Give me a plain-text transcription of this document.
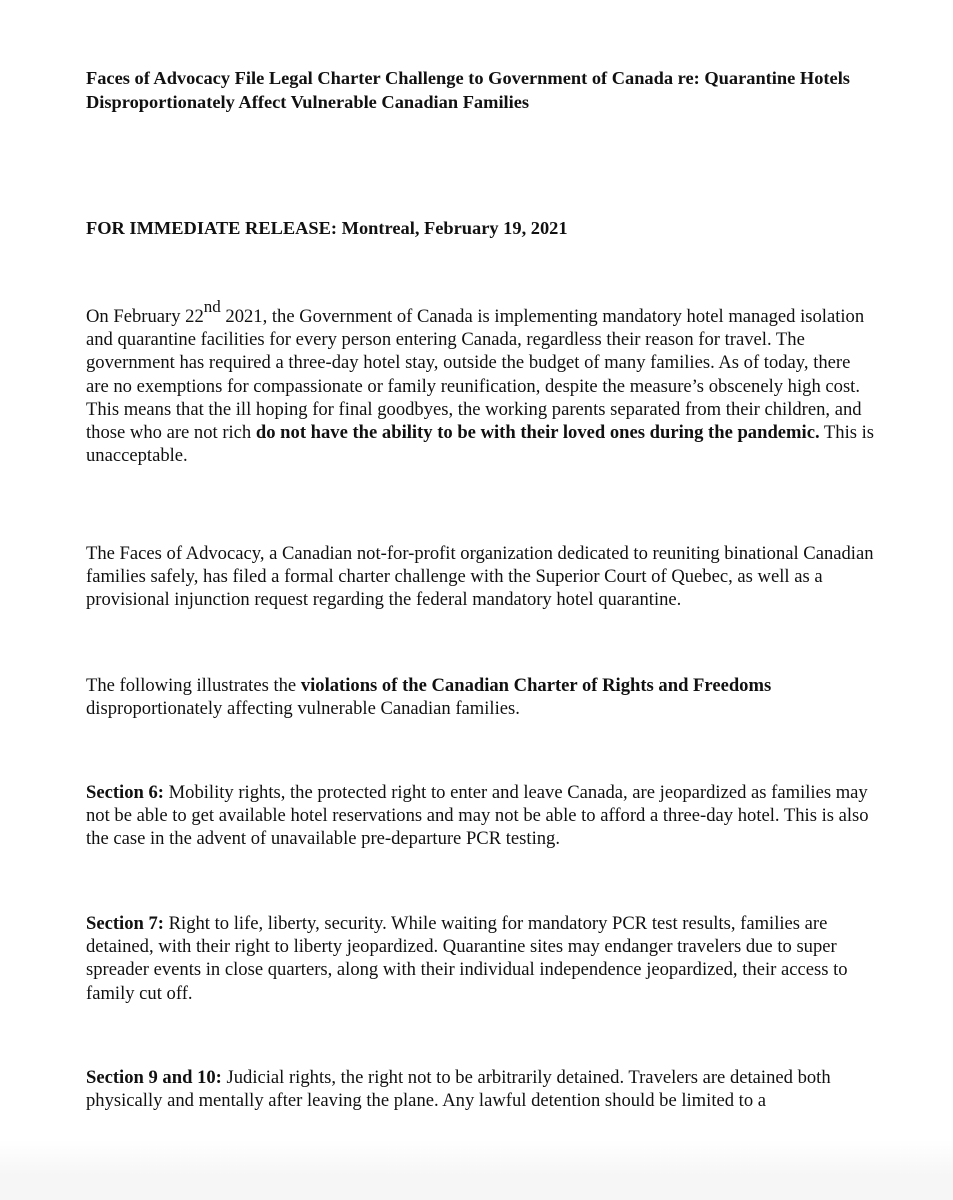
Faces of Advocacy File Legal Charter Challenge to Government of Canada re: Quarantine Hotels Disproportionately Affect Vulnerable Canadian Families

FOR IMMEDIATE RELEASE: Montreal, February 19, 2021

On February 22nd 2021, the Government of Canada is implementing mandatory hotel managed isolation and quarantine facilities for every person entering Canada, regardless their reason for travel. The government has required a three-day hotel stay, outside the budget of many families. As of today, there are no exemptions for compassionate or family reunification, despite the measure’s obscenely high cost. This means that the ill hoping for final goodbyes, the working parents separated from their children, and those who are not rich do not have the ability to be with their loved ones during the pandemic. This is unacceptable.

The Faces of Advocacy, a Canadian not-for-profit organization dedicated to reuniting binational Canadian families safely, has filed a formal charter challenge with the Superior Court of Quebec, as well as a provisional injunction request regarding the federal mandatory hotel quarantine.

The following illustrates the violations of the Canadian Charter of Rights and Freedoms disproportionately affecting vulnerable Canadian families.

Section 6: Mobility rights, the protected right to enter and leave Canada, are jeopardized as families may not be able to get available hotel reservations and may not be able to afford a three-day hotel. This is also the case in the advent of unavailable pre-departure PCR testing.

Section 7: Right to life, liberty, security. While waiting for mandatory PCR test results, families are detained, with their right to liberty jeopardized. Quarantine sites may endanger travelers due to super spreader events in close quarters, along with their individual independence jeopardized, their access to family cut off.

Section 9 and 10: Judicial rights, the right not to be arbitrarily detained. Travelers are detained both physically and mentally after leaving the plane. Any lawful detention should be limited to a
